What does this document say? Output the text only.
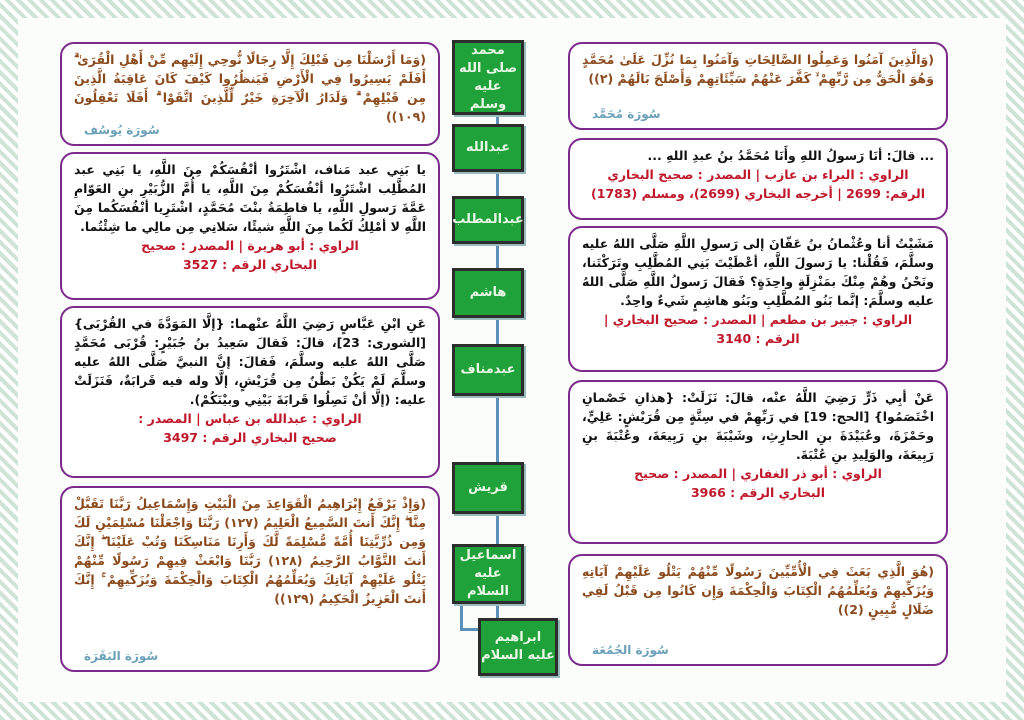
محمد صلى الله عليه وسلم
عبدالله
عبدالمطلب
هاشم
عبدمناف
قريش
اسماعيل عليه السلام
ابراهيم عليه السلام
(وَمَا أَرْسَلْنَا مِن قَبْلِكَ إِلَّا رِجَالًا نُّوحِي إِلَيْهِم مِّنْ أَهْلِ الْقُرَىٰ ۗ أَفَلَمْ يَسِيرُوا فِي الْأَرْضِ فَيَنظُرُوا كَيْفَ كَانَ عَاقِبَةُ الَّذِينَ مِن قَبْلِهِمْ ۗ وَلَدَارُ الْآخِرَةِ خَيْرٌ لِّلَّذِينَ اتَّقَوْا ۗ أَفَلَا تَعْقِلُونَ (١٠٩))
سُورَة يُوسُف
يا بَنِي عبد مَناف، اشْتَرُوا أنْفُسَكُمْ مِنَ اللَّهِ، يا بَنِي عبد المُطَّلِب اشْتَرُوا أنْفُسَكُمْ مِنَ اللَّهِ، يا أُمَّ الزُّبَيْرِ بنِ العَوّامِ عَمَّةَ رَسولِ اللَّهِ، يا فاطِمَةُ بنْتَ مُحَمَّدٍ، اشْتَرِيا أنْفُسَكُما مِنَ اللَّهِ لا أمْلِكُ لَكُما مِنَ اللَّهِ شيئًا، سَلانِي مِن مالِي ما شِئْتُما.
الراوي : أبو هريرة | المصدر : صحيح
البخاري الرقم : 3527
عَنِ ابْنِ عَبَّاسٍ رَضِيَ اللَّهُ عنْهما: {إلَّا المَوَدَّةَ في القُرْبَى} [الشورى: 23]، قالَ: فَقالَ سَعِيدُ بنُ جُبَيْرٍ: قُرْبَى مُحَمَّدٍ صَلَّى اللهُ عليه وسلَّمَ، فَقالَ: إنَّ النبيَّ صَلَّى اللهُ عليه وسلَّمَ لَمْ يَكُنْ بَطْنٌ مِن قُرَيْشٍ، إلَّا وله فيه قَرابَةٌ، فَنَزَلَتْ عليه: (إلَّا أنْ تَصِلُوا قَرابَةَ بَيْنِي وبيْنَكُمْ).
الراوي : عبدالله بن عباس | المصدر :
صحيح البخاري الرقم : 3497
(وَإِذْ يَرْفَعُ إِبْرَاهِيمُ الْقَوَاعِدَ مِنَ الْبَيْتِ وَإِسْمَاعِيلُ رَبَّنَا تَقَبَّلْ مِنَّا ۖ إِنَّكَ أَنتَ السَّمِيعُ الْعَلِيمُ (١٢٧) رَبَّنَا وَاجْعَلْنَا مُسْلِمَيْنِ لَكَ وَمِن ذُرِّيَّتِنَا أُمَّةً مُّسْلِمَةً لَّكَ وَأَرِنَا مَنَاسِكَنَا وَتُبْ عَلَيْنَا ۖ إِنَّكَ أَنتَ التَّوَّابُ الرَّحِيمُ (١٢٨) رَبَّنَا وَابْعَثْ فِيهِمْ رَسُولًا مِّنْهُمْ يَتْلُو عَلَيْهِمْ آيَاتِكَ وَيُعَلِّمُهُمُ الْكِتَابَ وَالْحِكْمَةَ وَيُزَكِّيهِمْ ۚ إِنَّكَ أَنتَ الْعَزِيزُ الْحَكِيمُ (١٢٩))
سُورَة البَقَرَة
(وَالَّذِينَ آمَنُوا وَعَمِلُوا الصَّالِحَاتِ وَآمَنُوا بِمَا نُزِّلَ عَلَىٰ مُحَمَّدٍ وَهُوَ الْحَقُّ مِن رَّبِّهِمْ ۙ كَفَّرَ عَنْهُمْ سَيِّئَاتِهِمْ وَأَصْلَحَ بَالَهُمْ (٢))
سُورَة مُحَمَّد
... قالَ: أنَا رَسولُ اللهِ وأَنَا مُحَمَّدُ بنُ عبدِ اللهِ ...
الراوي : البراء بن عازب | المصدر : صحيح البخاري
الرقم: 2699 | أخرجه البخاري (2699)، ومسلم (1783)
مَشَيْتُ أنا وعُثْمانُ بنُ عَفّانَ إلى رَسولِ اللَّهِ صَلَّى اللهُ عليه وسلَّمَ، فَقُلْنا: يا رَسولَ اللَّهِ، أعْطَيْتَ بَنِي المُطَّلِبِ وتَرَكْتَنا، ونَحْنُ وهُمْ مِنْكَ بمَنْزِلَةٍ واحِدَةٍ؟ فَقالَ رَسولُ اللَّهِ صَلَّى اللهُ عليه وسلَّمَ: إنَّما بَنُو المُطَّلِبِ وبَنُو هاشِمٍ شَيءٌ واحِدٌ.
الراوي : جبير بن مطعم | المصدر : صحيح البخاري |
الرقم : 3140
عَنْ أبِي ذَرٍّ رَضِيَ اللَّهُ عنْه، قالَ: نَزَلَتْ: {هذانِ خَصْمانِ اخْتَصَمُوا} [الحج: 19] في رَبِّهِمْ في سِتَّةٍ مِن قُرَيْشٍ: عَلِيٍّ، وحَمْزَةَ، وعُبَيْدَةَ بنِ الحارِثِ، وشَيْبَةَ بنِ رَبِيعَةَ، وعُتْبَةَ بنِ رَبِيعَةَ، والوَلِيدِ بنِ عُتْبَةَ.
الراوي : أبو ذر الغفاري | المصدر : صحيح
البخاري الرقم : 3966
(هُوَ الَّذِي بَعَثَ فِي الْأُمِّيِّينَ رَسُولًا مِّنْهُمْ يَتْلُو عَلَيْهِمْ آيَاتِهِ وَيُزَكِّيهِمْ وَيُعَلِّمُهُمُ الْكِتَابَ وَالْحِكْمَةَ وَإِن كَانُوا مِن قَبْلُ لَفِي ضَلَالٍ مُّبِينٍ (2))
سُورَة الجُمُعَة
